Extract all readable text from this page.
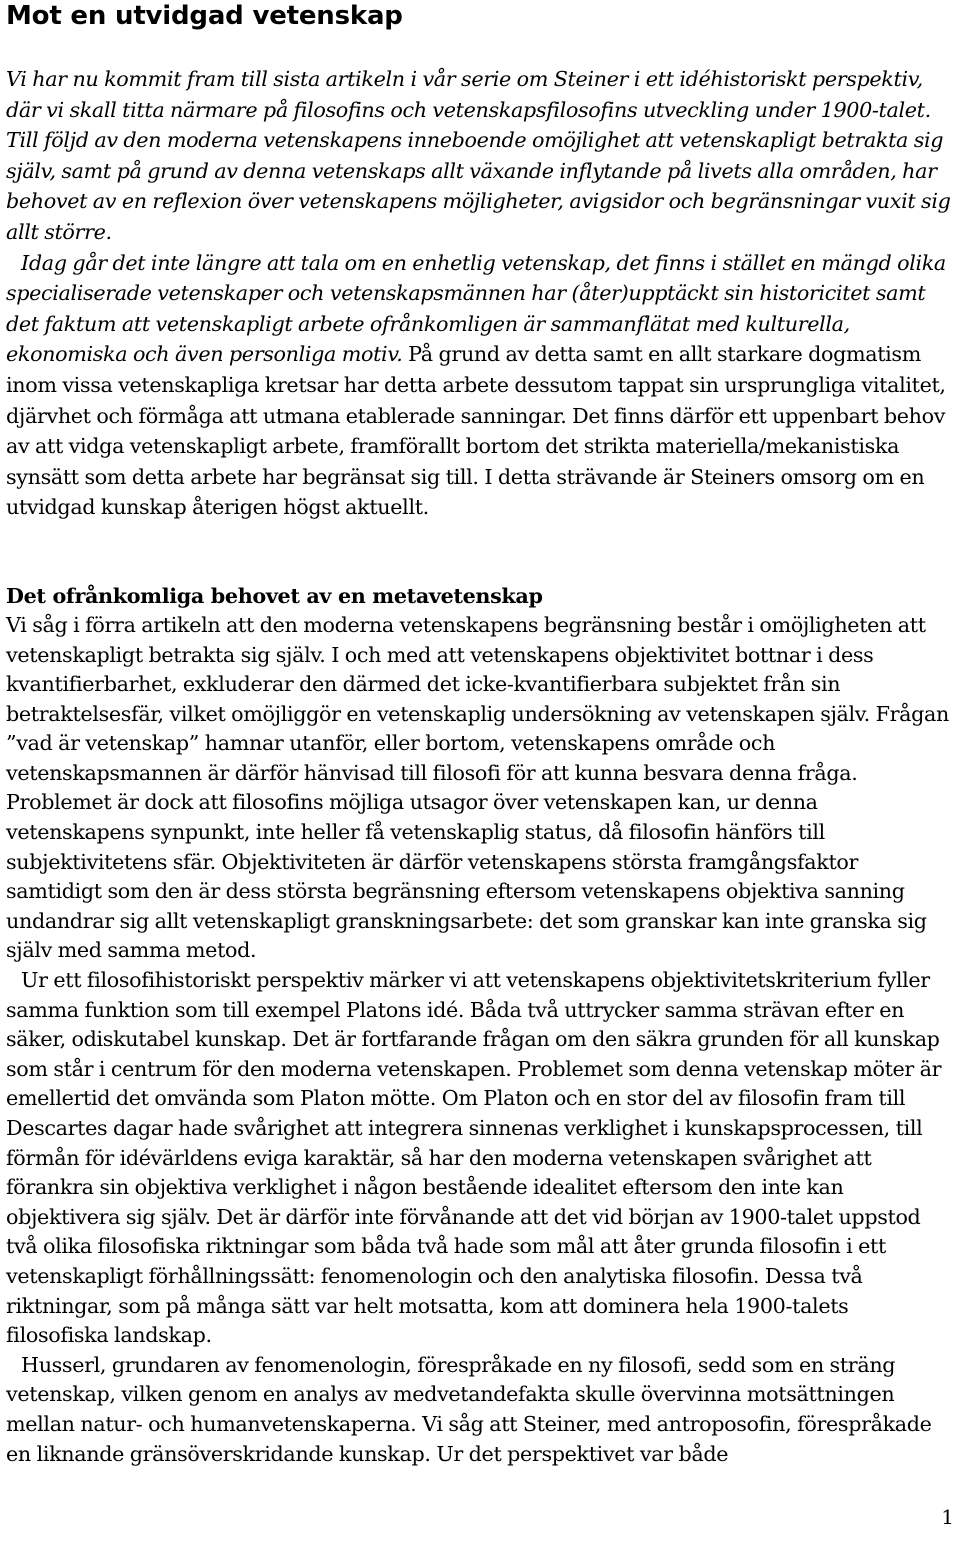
Mot en utvidgad vetenskap

Vi har nu kommit fram till sista artikeln i vår serie om Steiner i ett idéhistoriskt perspektiv, där vi skall titta närmare på filosofins och vetenskapsfilosofins utveckling under 1900-talet. Till följd av den moderna vetenskapens inneboende omöjlighet att vetenskapligt betrakta sig själv, samt på grund av denna vetenskaps allt växande inflytande på livets alla områden, har behovet av en reflexion över vetenskapens möjligheter, avigsidor och begränsningar vuxit sig allt större.

Idag går det inte längre att tala om en enhetlig vetenskap, det finns i stället en mängd olika specialiserade vetenskaper och vetenskapsmännen har (åter)upptäckt sin historicitet samt det faktum att vetenskapligt arbete ofrånkomligen är sammanflätat med kulturella, ekonomiska och även personliga motiv. På grund av detta samt en allt starkare dogmatism inom vissa vetenskapliga kretsar har detta arbete dessutom tappat sin ursprungliga vitalitet, djärvhet och förmåga att utmana etablerade sanningar. Det finns därför ett uppenbart behov av att vidga vetenskapligt arbete, framförallt bortom det strikta materiella/mekanistiska synsätt som detta arbete har begränsat sig till. I detta strävande är Steiners omsorg om en utvidgad kunskap återigen högst aktuellt.

Det ofrånkomliga behovet av en metavetenskap

Vi såg i förra artikeln att den moderna vetenskapens begränsning består i omöjligheten att vetenskapligt betrakta sig själv. I och med att vetenskapens objektivitet bottnar i dess kvantifierbarhet, exkluderar den därmed det icke-kvantifierbara subjektet från sin betraktelsesfär, vilket omöjliggör en vetenskaplig undersökning av vetenskapen själv. Frågan ”vad är vetenskap” hamnar utanför, eller bortom, vetenskapens område och vetenskapsmannen är därför hänvisad till filosofi för att kunna besvara denna fråga. Problemet är dock att filosofins möjliga utsagor över vetenskapen kan, ur denna vetenskapens synpunkt, inte heller få vetenskaplig status, då filosofin hänförs till subjektivitetens sfär. Objektiviteten är därför vetenskapens största framgångsfaktor samtidigt som den är dess största begränsning eftersom vetenskapens objektiva sanning undandrar sig allt vetenskapligt granskningsarbete: det som granskar kan inte granska sig själv med samma metod.

Ur ett filosofihistoriskt perspektiv märker vi att vetenskapens objektivitetskriterium fyller samma funktion som till exempel Platons idé. Båda två uttrycker samma strävan efter en säker, odiskutabel kunskap. Det är fortfarande frågan om den säkra grunden för all kunskap som står i centrum för den moderna vetenskapen. Problemet som denna vetenskap möter är emellertid det omvända som Platon mötte. Om Platon och en stor del av filosofin fram till Descartes dagar hade svårighet att integrera sinnenas verklighet i kunskapsprocessen, till förmån för idévärldens eviga karaktär, så har den moderna vetenskapen svårighet att förankra sin objektiva verklighet i någon bestående idealitet eftersom den inte kan objektivera sig själv. Det är därför inte förvånande att det vid början av 1900-talet uppstod två olika filosofiska riktningar som båda två hade som mål att åter grunda filosofin i ett vetenskapligt förhållningssätt: fenomenologin och den analytiska filosofin. Dessa två riktningar, som på många sätt var helt motsatta, kom att dominera hela 1900-talets filosofiska landskap.

Husserl, grundaren av fenomenologin, förespråkade en ny filosofi, sedd som en sträng vetenskap, vilken genom en analys av medvetandefakta skulle övervinna motsättningen mellan natur- och humanvetenskaperna. Vi såg att Steiner, med antroposofin, förespråkade en liknande gränsöverskridande kunskap. Ur det perspektivet var både

1
